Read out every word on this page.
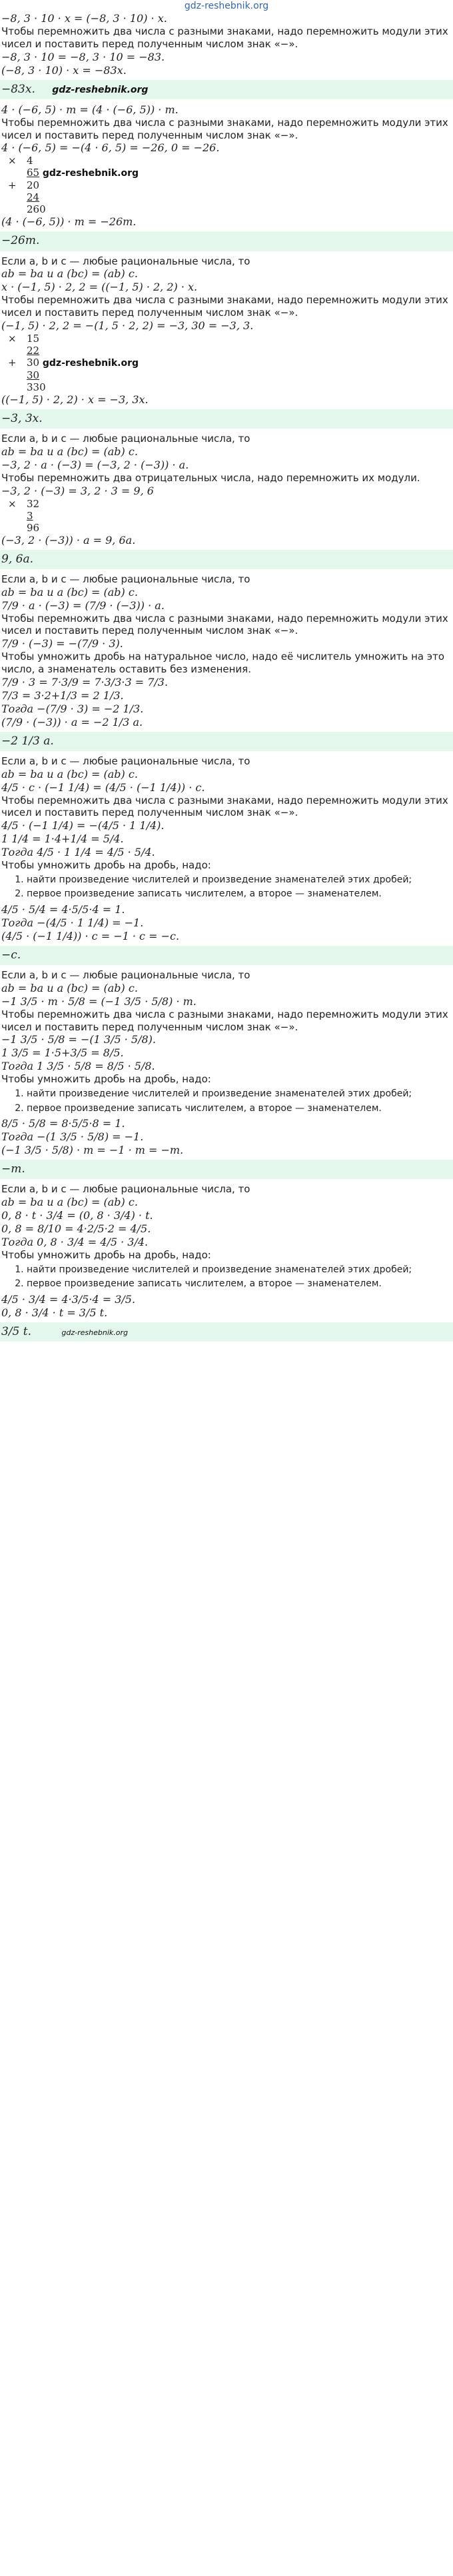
gdz-reshebnik.org
−8, 3 · 10 · x = (−8, 3 · 10) · x.
Чтобы перемножить два числа с разными знаками, надо перемножить модули этих чисел и поставить перед полученным числом знак «−».
−8, 3 · 10 = −8, 3 · 10 = −83.
(−8, 3 · 10) · x = −83x.
−83x. gdz-reshebnik.org
4 · (−6, 5) · m = (4 · (−6, 5)) · m.
Чтобы перемножить два числа с разными знаками, надо перемножить модули этих чисел и поставить перед полученным числом знак «−».
4 · (−6, 5) = −(4 · 6, 5) = −26, 0 = −26.
× 4
65 gdz-reshebnik.org
+ 20
24
260
(4 · (−6, 5)) · m = −26m.
−26m.
Если a, b и c — любые рациональные числа, то
ab = ba и a (bc) = (ab) c.
x · (−1, 5) · 2, 2 = ((−1, 5) · 2, 2) · x.
Чтобы перемножить два числа с разными знаками, надо перемножить модули этих чисел и поставить перед полученным числом знак «−».
(−1, 5) · 2, 2 = −(1, 5 · 2, 2) = −3, 30 = −3, 3.
× 15
22
+ 30 gdz-reshebnik.org
30
330
((−1, 5) · 2, 2) · x = −3, 3x.
−3, 3x.
Если a, b и c — любые рациональные числа, то
ab = ba и a (bc) = (ab) c.
−3, 2 · a · (−3) = (−3, 2 · (−3)) · a.
Чтобы перемножить два отрицательных числа, надо перемножить их модули.
−3, 2 · (−3) = 3, 2 · 3 = 9, 6
× 32
3
96
(−3, 2 · (−3)) · a = 9, 6a.
9, 6a.
Если a, b и c — любые рациональные числа, то
ab = ba и a (bc) = (ab) c.
7/9 · a · (−3) = (7/9 · (−3)) · a.
Чтобы перемножить два числа с разными знаками, надо перемножить модули этих чисел и поставить перед полученным числом знак «−».
7/9 · (−3) = −(7/9 · 3).
Чтобы умножить дробь на натуральное число, надо её числитель умножить на это число, а знаменатель оставить без изменения.
7/9 · 3 = 7·3/9 = 7·3/3·3 = 7/3.
7/3 = 3·2+1/3 = 2 1/3.
Тогда −(7/9 · 3) = −2 1/3.
(7/9 · (−3)) · a = −2 1/3 a.
−2 1/3 a.
Если a, b и c — любые рациональные числа, то
ab = ba и a (bc) = (ab) c.
4/5 · c · (−1 1/4) = (4/5 · (−1 1/4)) · c.
Чтобы перемножить два числа с разными знаками, надо перемножить модули этих чисел и поставить перед полученным числом знак «−».
4/5 · (−1 1/4) = −(4/5 · 1 1/4).
1 1/4 = 1·4+1/4 = 5/4.
Тогда 4/5 · 1 1/4 = 4/5 · 5/4.
Чтобы умножить дробь на дробь, надо:
1. найти произведение числителей и произведение знаменателей этих дробей;
2. первое произведение записать числителем, а второе — знаменателем.
4/5 · 5/4 = 4·5/5·4 = 1.
Тогда −(4/5 · 1 1/4) = −1.
(4/5 · (−1 1/4)) · c = −1 · c = −c.
−c.
Если a, b и c — любые рациональные числа, то
ab = ba и a (bc) = (ab) c.
−1 3/5 · m · 5/8 = (−1 3/5 · 5/8) · m.
Чтобы перемножить два числа с разными знаками, надо перемножить модули этих чисел и поставить перед полученным числом знак «−».
−1 3/5 · 5/8 = −(1 3/5 · 5/8).
1 3/5 = 1·5+3/5 = 8/5.
Тогда 1 3/5 · 5/8 = 8/5 · 5/8.
Чтобы умножить дробь на дробь, надо:
1. найти произведение числителей и произведение знаменателей этих дробей;
2. первое произведение записать числителем, а второе — знаменателем.
8/5 · 5/8 = 8·5/5·8 = 1.
Тогда −(1 3/5 · 5/8) = −1.
(−1 3/5 · 5/8) · m = −1 · m = −m.
−m.
Если a, b и c — любые рациональные числа, то
ab = ba и a (bc) = (ab) c.
0, 8 · t · 3/4 = (0, 8 · 3/4) · t.
0, 8 = 8/10 = 4·2/5·2 = 4/5.
Тогда 0, 8 · 3/4 = 4/5 · 3/4.
Чтобы умножить дробь на дробь, надо:
1. найти произведение числителей и произведение знаменателей этих дробей;
2. первое произведение записать числителем, а второе — знаменателем.
4/5 · 3/4 = 4·3/5·4 = 3/5.
0, 8 · 3/4 · t = 3/5 t.
3/5 t.	gdz-reshebnik.org
